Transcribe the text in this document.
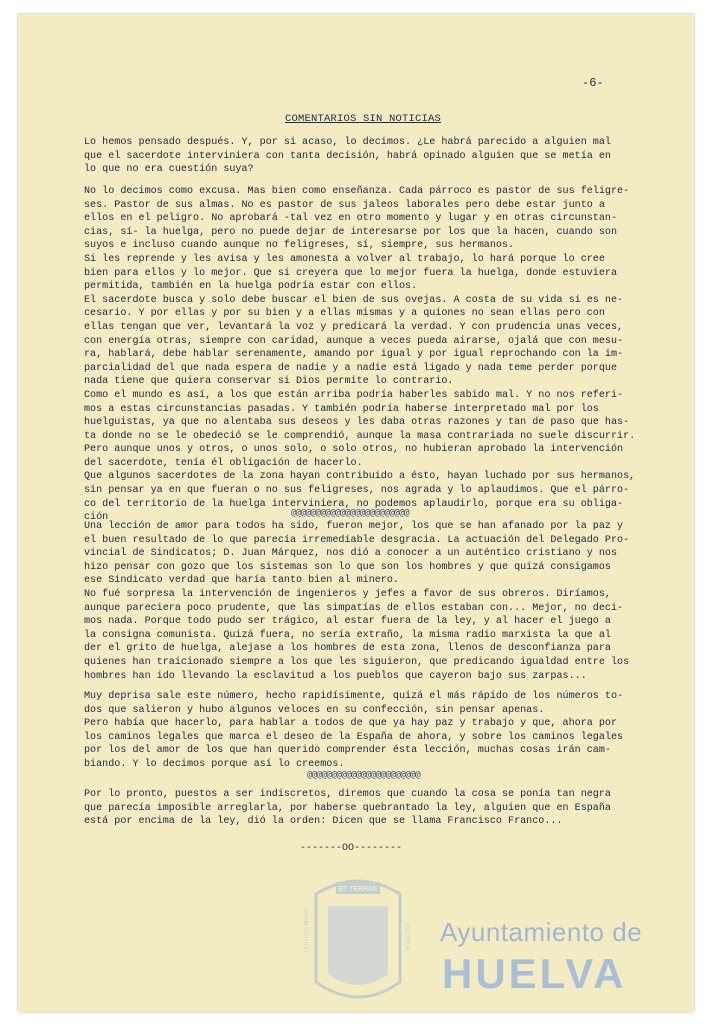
-6-
COMENTARIOS SIN NOTICIAS
Lo hemos pensado después. Y, por si acaso, lo decimos. ¿Le habrá parecido a alguien mal
que el sacerdote interviniera con tanta decisión, habrá opinado alguien que se metía en
lo que no era cuestión suya?
No lo decimos como excusa. Mas bien como enseñanza. Cada párroco es pastor de sus feligre-
ses. Pastor de sus almas. No es pastor de sus jaleos laborales pero debe estar junto a
ellos en el peligro. No aprobará -tal vez en otro momento y lugar y en otras circunstan-
cias, sí- la huelga, pero no puede dejar de interesarse por los que la hacen, cuando son
suyos e incluso cuando aunque no feligreses, sí, siempre, sus hermanos.
Si les reprende y les avisa y les amonesta a volver al trabajo, lo hará porque lo cree
bien para ellos y lo mejor. Que si creyera que lo mejor fuera la huelga, donde estuviera
permitida, también en la huelga podría estar con ellos.
El sacerdote busca y solo debe buscar el bien de sus ovejas. A costa de su vida si es ne-
cesario. Y por ellas y por su bien y a ellas mismas y a quiones no sean ellas pero con
ellas tengan que ver, levantará la voz y predicará la verdad. Y con prudencia unas veces,
con energía otras, siempre con caridad, aunque a veces pueda airarse, ojalá que con mesu-
ra, hablará, debe hablar serenamente, amando por igual y por igual reprochando con la im-
parcialidad del que nada espera de nadie y a nadie está ligado y nada teme perder porque
nada tiene que quiera conservar si Dios permite lo contrario.
Como el mundo es así, a los que están arriba podría haberles sabido mal. Y no nos referi-
mos a estas circunstancias pasadas. Y también podría haberse interpretado mal por los
huelguistas, ya que no alentaba sus deseos y les daba otras razones y tan de paso que has-
ta donde no se le obedeció se le comprendió, aunque la masa contrariada no suele discurrir.
Pero aunque unos y otros, o unos solo, o solo otros, no hubieran aprobado la intervención
del sacerdote, tenía él obligación de hacerlo.
Que algunos sacerdotes de la zona hayan contribuido a ésto, hayan luchado por sus hermanos,
sin pensar ya en que fueran o no sus feligreses, nos agrada y lo aplaudimos. Que el párro-
co del territorio de la huelga interviniera, no podemos aplaudirlo, porque era su obliga-
ción	@@@@@@@@@@@@@@@@@@@@@@@@
Una lección de amor para todos ha sido, fueron mejor, los que se han afanado por la paz y
el buen resultado de lo que parecía irremediable desgracia. La actuación del Delegado Pro-
vincial de Sindicatos; D. Juan Márquez, nos dió a conocer a un auténtico cristiano y nos
hizo pensar con gozo que los sistemas son lo que son los hombres y que quizá consigamos
ese Sindicato verdad que haría tanto bien al minero.
No fué sorpresa la intervención de ingenieros y jefes a favor de sus obreros. Diríamos,
aunque pareciera poco prudente, que las simpatías de ellos estaban con... Mejor, no deci-
mos nada. Porque todo pudo ser trágico, al estar fuera de la ley, y al hacer el juego a
la consigna comunista. Quizá fuera, no sería extraño, la misma radio marxista la que al
der el grito de huelga, alejase a los hombres de esta zona, llenos de desconfianza para
quienes han traicionado siempre a los que les siguieron, que predicando igualdad entre los
hombres han ido llevando la esclavitud a los pueblos que cayeron bajo sus zarpas...
Muy deprisa sale este número, hecho rapidísimente, quizá el más rápido de los números to-
dos que salieron y hubo algunos veloces en su confección, sin pensar apenas.
Pero había que hacerlo, para hablar a todos de que ya hay paz y trabajo y que, ahora por
los caminos legales que marca el deseo de la España de ahora, y sobre los caminos legales
por los del amor de los que han querido comprender ésta lección, muchas cosas irán cam-
biando. Y lo decimos porque así lo creemos.
@@@@@@@@@@@@@@@@@@@@@@@
Por lo pronto, puestos a ser indiscretos, diremos que cuando la cosa se ponía tan negra
que parecía imposible arreglarla, por haberse quebrantado la ley, alguien que en España
está por encima de la ley, dió la orden: Dicen que se llama Francisco Franco...
-------OO--------
ET TERRAE
PORTUS MARIS	VICTORIA Ayuntamiento de
HUELVA
